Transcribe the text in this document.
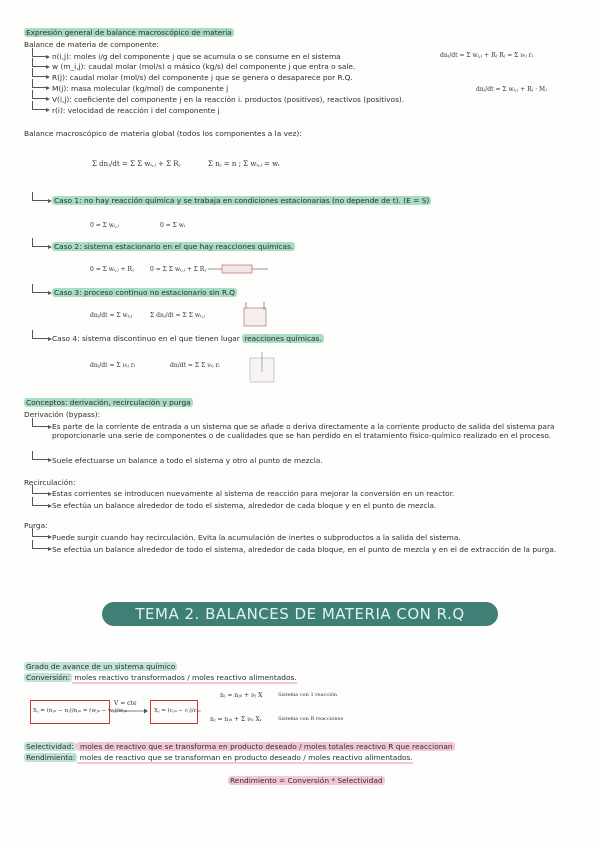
Expresión general de balance macroscópico de materia
Balance de materia de componente:
n(i,j): moles i/g del componente j que se acumula o se consume en el sistema
w (m_i,j): caudal molar (mol/s) o másico (kg/s) del componente j que entra o sale.
R(j): caudal molar (mol/s) del componente j que se genera o desaparece por R.Q.
M(j): masa molecular (kg/mol) de componente j
V(i,j): coeficiente del componente j en la reacción i. productos (positivos), reactivos (positivos).
r(i): velocidad de reacción i del componente j
dnⱼ/dt = Σ wᵢ,ⱼ + Rⱼ Rⱼ = Σ νᵢⱼ rᵢ
dnⱼ/dt = Σ wᵢ,ⱼ + Rⱼ · Mⱼ
Balance macroscópico de materia global (todos los componentes a la vez):
Σ dnⱼ/dt = Σ Σ wᵢ,ⱼ + Σ Rⱼ	Σ nⱼ = n ; Σ wᵢ,ⱼ = wᵢ
Caso 1: no hay reacción química y se trabaja en condiciones estacionarias (no depende de t). (E = S)
0 = Σ wᵢ,ⱼ	0 = Σ wᵢ
Caso 2: sistema estacionario en el que hay reacciones químicas.
0 = Σ wᵢ,ⱼ + Rⱼ	0 = Σ Σ wᵢ,ⱼ + Σ Rⱼ
Caso 3: proceso continuo no estacionario sin R.Q
dnⱼ/dt = Σ wᵢ,ⱼ	Σ dnⱼ/dt = Σ Σ wᵢ,ⱼ
Caso 4: sistema discontinuo en el que tienen lugar reacciones químicas.
dnⱼ/dt = Σ νᵢⱼ rᵢ	dn/dt = Σ Σ νᵢⱼ rᵢ
Conceptos: derivación, recirculación y purga
Derivación (bypass):
Es parte de la corriente de entrada a un sistema que se añade o deriva directamente a la corriente producto de salida del sistema para proporcionarle una serie de componentes o de cualidades que se han perdido en el tratamiento fisico-químico realizado en el proceso.
Suele efectuarse un balance a todo el sistema y otro al punto de mezcla.
Recirculación:
Estas corrientes se introducen nuevamente al sistema de reacción para mejorar la conversión en un reactor.
Se efectúa un balance alrededor de todo el sistema, alrededor de cada bloque y en el punto de mezcla.
Purga:
Puede surgir cuando hay recirculación. Evita la acumulación de inertes o subproductos a la salida del sistema.
Se efectúa un balance alrededor de todo el sistema, alrededor de cada bloque, en el punto de mezcla y en el de extracción de la purga.
TEMA 2. BALANCES DE MATERIA CON R.Q
Grado de avance de un sistema químico
Conversión: moles reactivo transformados / moles reactivo alimentados.
Xⱼ = (nⱼ₀ − nⱼ)/nⱼ₀ = (wⱼ₀ − wⱼ)/wⱼ₀
V = cte
Xⱼ = (cⱼ₀ − cⱼ)/cⱼ₀
nⱼ = nⱼ₀ + νⱼ X	Sistema con 1 reacción
nⱼ = nⱼ₀ + Σ νᵢⱼ Xᵢ	Sistema con R reacciones
Selectividad: moles de reactivo que se transforma en producto deseado / moles totales reactivo R que reaccionan
Rendimiento: moles de reactivo que se transforman en producto deseado / moles reactivo alimentados.
Rendimiento = Conversión * Selectividad
